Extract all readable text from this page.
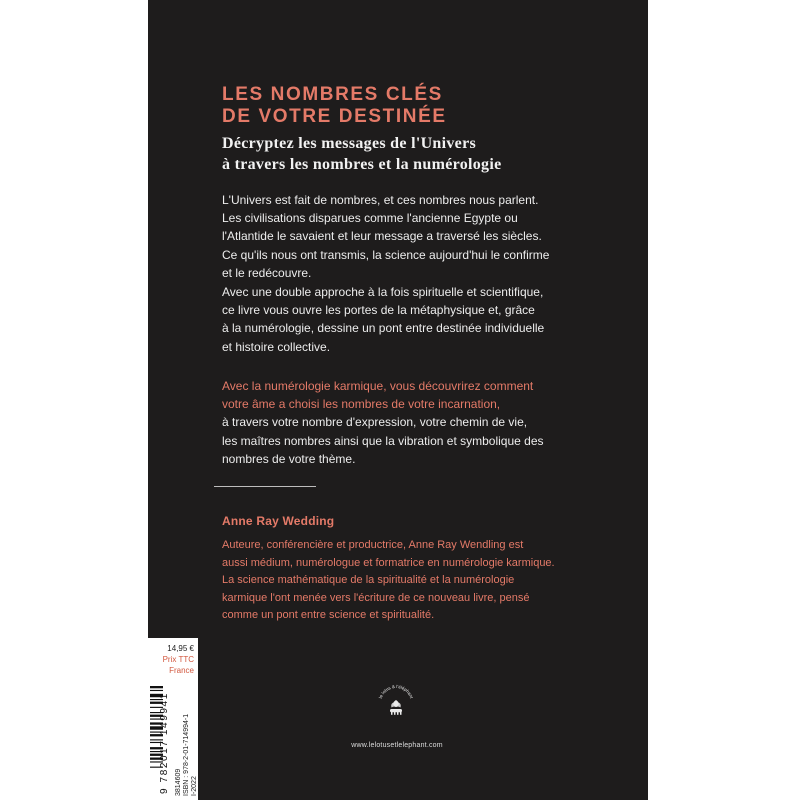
LES NOMBRES CLÉS
DE VOTRE DESTINÉE
Décryptez les messages de l'Univers
à travers les nombres et la numérologie
L'Univers est fait de nombres, et ces nombres nous parlent.
Les civilisations disparues comme l'ancienne Egypte ou
l'Atlantide le savaient et leur message a traversé les siècles.
Ce qu'ils nous ont transmis, la science aujourd'hui le confirme
et le redécouvre.
Avec une double approche à la fois spirituelle et scientifique,
ce livre vous ouvre les portes de la métaphysique et, grâce
à la numérologie, dessine un pont entre destinée individuelle
et histoire collective.
Avec la numérologie karmique, vous découvrirez comment
votre âme a choisi les nombres de votre incarnation,
à travers votre nombre d'expression, votre chemin de vie,
les maîtres nombres ainsi que la vibration et symbolique des
nombres de votre thème.
Anne Ray Wedding
Auteure, conférencière et productrice, Anne Ray Wendling est
aussi médium, numérologue et formatrice en numérologie karmique.
La science mathématique de la spiritualité et la numérologie
karmique l'ont menée vers l'écriture de ce nouveau livre, pensé
comme un pont entre science et spiritualité.
le lotus & l'éléphant
www.lelotusetlelephant.com
14,95 €
Prix TTC
France
9 782017 149941 3814609 ISBN : 978-2-01-714994-1 I-2022
